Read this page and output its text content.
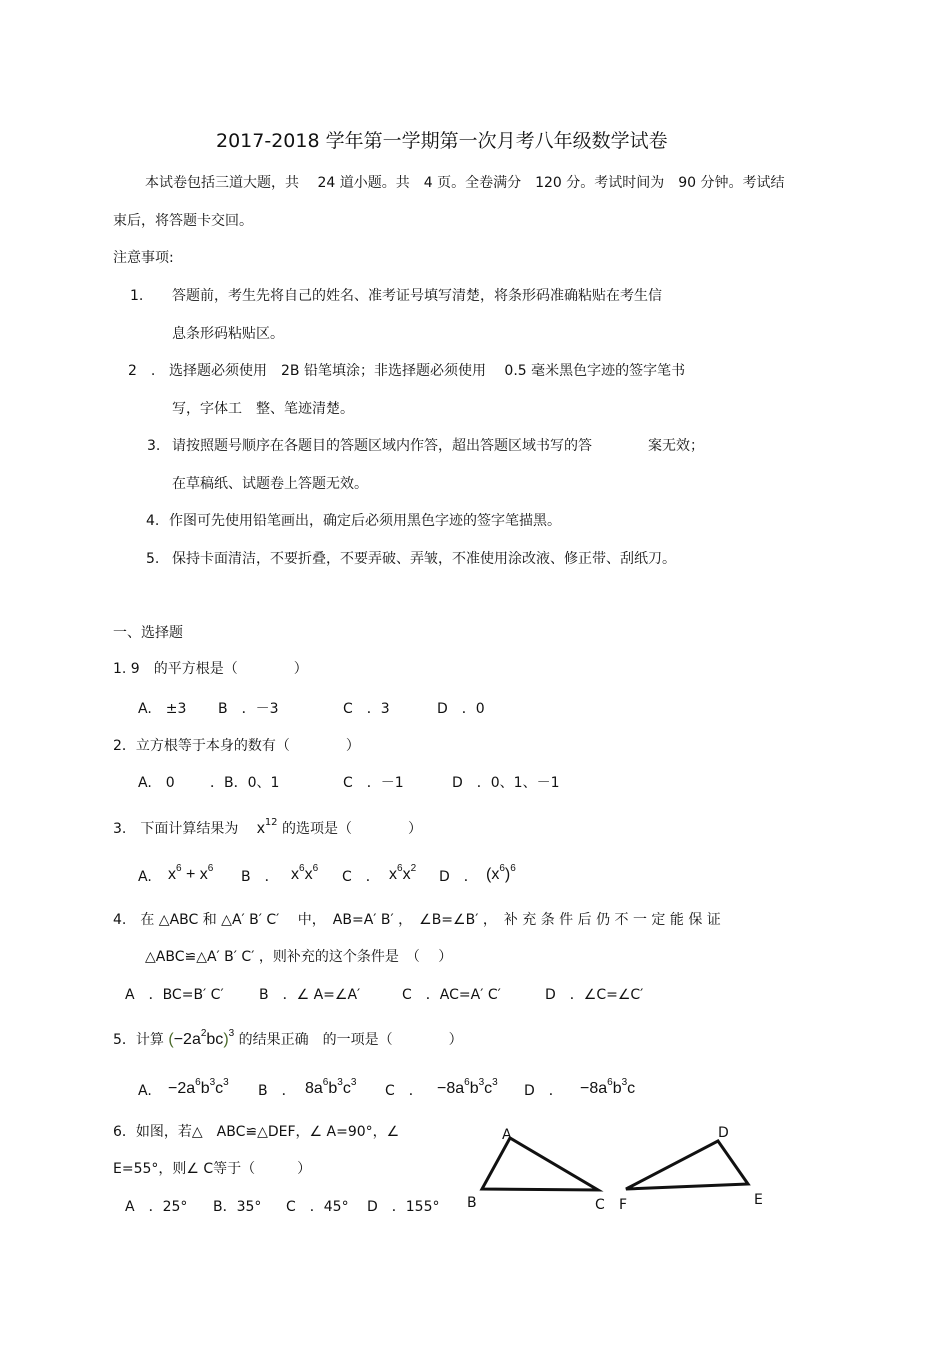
2017-2018 学年第一学期第一次月考八年级数学试卷
本试卷包括三道大题，共　 24 道小题。共　4 页。全卷满分　120 分。考试时间为　90 分钟。考试结
束后，将答题卡交回。
注意事项:
1. 答题前，考生先将自己的姓名、准考证号填写清楚，将条形码准确粘贴在考生信
息条形码粘贴区。
2　. 选择题必须使用　2B 铅笔填涂；非选择题必须使用　 0.5 毫米黑色字迹的签字笔书
写，字体工　整、笔迹清楚。
3. 请按照题号顺序在各题目的答题区域内作答，超出答题区域书写的答　　　　案无效；
在草稿纸、试题卷上答题无效。
4. 作图可先使用铅笔画出，确定后必须用黑色字迹的签字笔描黑。
5. 保持卡面清洁，不要折叠，不要弄破、弄皱，不准使用涂改液、修正带、刮纸刀。
一、选择题
1. 9　的平方根是（　　　　）
A.　±3 B　．－3	C　．3	D　．0
2．立方根等于本身的数有（　　　　）
A.　0	．B．0、1	C　．－1	D　．0、1、－1
3.　下面计算结果为 $x^{12}$ 的选项是（　　　　）
A. $x^6 + x^6$
B　． $x^6x^6$
C　． $x^6x^2$
D　． $(x^6)^6$
4.　在 △ABC 和 △A′ B′ C′ 　中，　AB=A′ B′ ，　∠B=∠B′ ，　补 充 条 件 后 仍 不 一 定 能 保 证
△ABC≌△A′ B′ C′ ，则补充的这个条件是　（　 ）
A　．BC=B′ C′	B　．∠ A=∠A′	C　．AC=A′ C′	D　．∠C=∠C′
5．计算 $(-2a^2bc)^3$ 的结果正确　的一项是（　　　　）
A. $-2a^6b^3c^3$
B　． $8a^6b^3c^3$
C　． $-8a^6b^3c^3$
D　． $-8a^6b^3c$
6．如图，若△　ABC≌△DEF，∠ A=90°，∠
E=55°，则∠ C等于（　　　）
A　．25° B．35° C　．45° D　．155°
A
B	C
D
E
F
